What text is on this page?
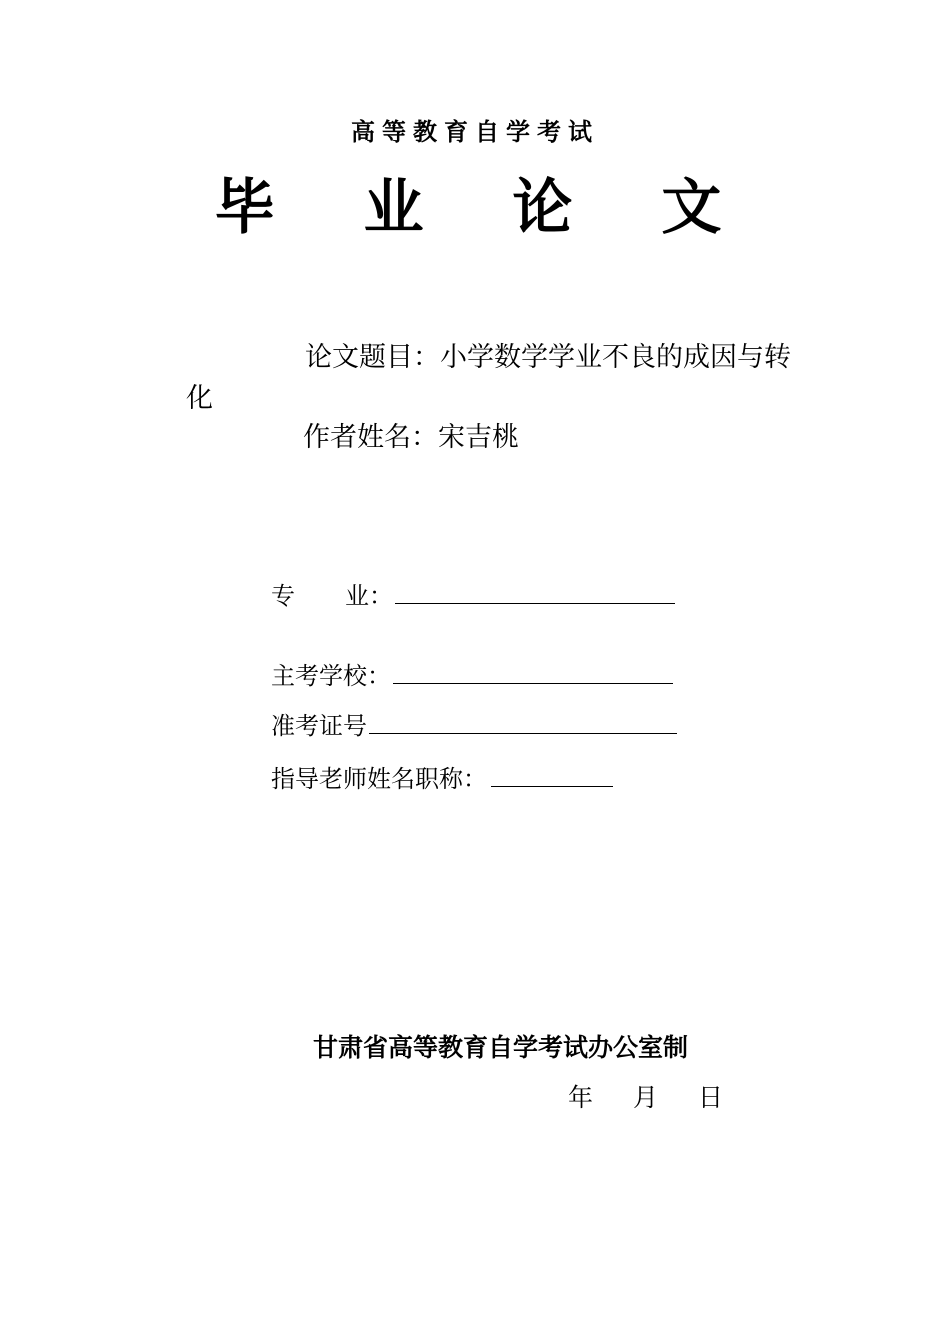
高等教育自学考试
毕 业 论 文
论文题目：小学数学学业不良的成因与转
化
作者姓名：宋吉桃
专 业：
主考学校：
准考证号
指导老师姓名职称：
甘肃省高等教育自学考试办公室制
年 月 日
